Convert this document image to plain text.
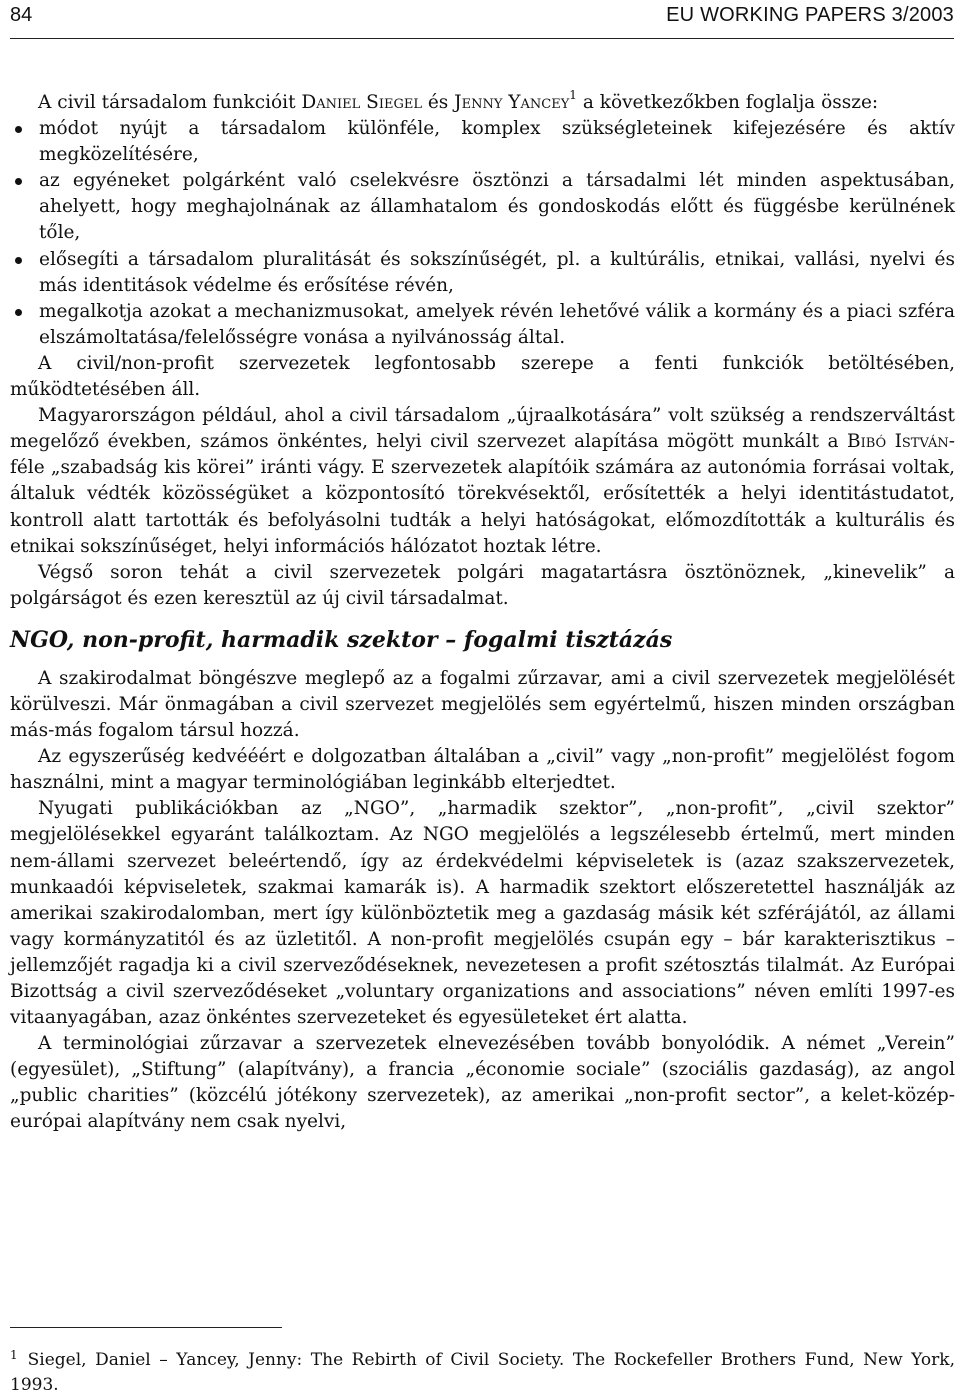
84	EU WORKING PAPERS 3/2003

A civil társadalom funkcióit Daniel Siegel és Jenny Yancey$^1$ a következőkben foglalja össze:

módot nyújt a társadalom különféle, komplex szükségleteinek kifejezésére és aktív megközelítésére,
az egyéneket polgárként való cselekvésre ösztönzi a társadalmi lét minden aspektusában, ahelyett, hogy meghajolnának az államhatalom és gondoskodás előtt és függésbe kerülnének tőle,
elősegíti a társadalom pluralitását és sokszínűségét, pl. a kultúrális, etnikai, vallási, nyelvi és más identitások védelme és erősítése révén,
megalkotja azokat a mechanizmusokat, amelyek révén lehetővé válik a kormány és a piaci szféra elszámoltatása/felelősségre vonása a nyilvánosság által.

A civil/non-profit szervezetek legfontosabb szerepe a fenti funkciók betöltésében, működtetésében áll.

Magyarországon például, ahol a civil társadalom „újraalkotására” volt szükség a rendszerváltást megelőző években, számos önkéntes, helyi civil szervezet alapítása mögött munkált a Bibó István-féle „szabadság kis körei” iránti vágy. E szervezetek alapítóik számára az autonómia forrásai voltak, általuk védték közösségüket a központosító törekvésektől, erősítették a helyi identitástudatot, kontroll alatt tartották és befolyásolni tudták a helyi hatóságokat, előmozdították a kulturális és etnikai sokszínűséget, helyi információs hálózatot hoztak létre.

Végső soron tehát a civil szervezetek polgári magatartásra ösztönöznek, „kinevelik” a polgárságot és ezen keresztül az új civil társadalmat.

NGO, non-profit, harmadik szektor – fogalmi tisztázás

A szakirodalmat böngészve meglepő az a fogalmi zűrzavar, ami a civil szervezetek megjelölését körülveszi. Már önmagában a civil szervezet megjelölés sem egyértelmű, hiszen minden országban más-más fogalom társul hozzá.

Az egyszerűség kedvééért e dolgozatban általában a „civil” vagy „non-profit” megjelölést fogom használni, mint a magyar terminológiában leginkább elterjedtet.

Nyugati publikációkban az „NGO”, „harmadik szektor”, „non-profit”, „civil szektor” megjelölésekkel egyaránt találkoztam. Az NGO megjelölés a legszélesebb értelmű, mert minden nem-állami szervezet beleértendő, így az érdekvédelmi képviseletek is (azaz szakszervezetek, munkaadói képviseletek, szakmai kamarák is). A harmadik szektort előszeretettel használják az amerikai szakirodalomban, mert így különböztetik meg a gazdaság másik két szférájától, az állami vagy kormányzatitól és az üzletitől. A non-profit megjelölés csupán egy – bár karakterisztikus – jellemzőjét ragadja ki a civil szerveződéseknek, nevezetesen a profit szétosztás tilalmát. Az Európai Bizottság a civil szerveződéseket „voluntary organizations and associations” néven említi 1997-es vitaanyagában, azaz önkéntes szervezeteket és egyesületeket ért alatta.

A terminológiai zűrzavar a szervezetek elnevezésében tovább bonyolódik. A német „Verein” (egyesület), „Stiftung” (alapítvány), a francia „économie sociale” (szociális gazdaság), az angol „public charities” (közcélú jótékony szervezetek), az amerikai „non-profit sector”, a kelet-közép-európai alapítvány nem csak nyelvi,

$^1$ Siegel, Daniel – Yancey, Jenny: The Rebirth of Civil Society. The Rockefeller Brothers Fund, New York, 1993.
